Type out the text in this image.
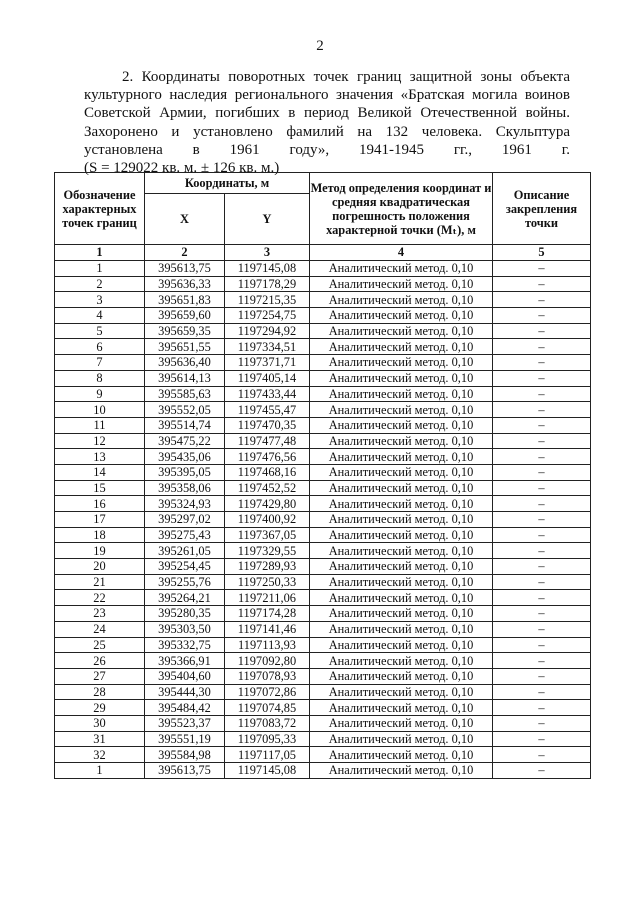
2

2. Координаты поворотных точек границ защитной зоны объекта

культурного наследия регионального значения «Братская могила воинов

Советской Армии, погибших в период Великой Отечественной войны.

Захоронено и установлено фамилий на 132 человека. Скульптура

установлена в 1961 году», 1941-1945 гг., 1961 г.

(S = 129022 кв. м. ± 126 кв. м.)

Обозначение характерных точек границ	Координаты, м		Метод определения координат и средняя квадратическая погрешность положения характерной точки (Mₜ), м	Описание закрепления точки
	X	Y		
1	2	3	4	5
1	395613,75	1197145,08	Аналитический метод. 0,10	–
2	395636,33	1197178,29	Аналитический метод. 0,10	–
3	395651,83	1197215,35	Аналитический метод. 0,10	–
4	395659,60	1197254,75	Аналитический метод. 0,10	–
5	395659,35	1197294,92	Аналитический метод. 0,10	–
6	395651,55	1197334,51	Аналитический метод. 0,10	–
7	395636,40	1197371,71	Аналитический метод. 0,10	–
8	395614,13	1197405,14	Аналитический метод. 0,10	–
9	395585,63	1197433,44	Аналитический метод. 0,10	–
10	395552,05	1197455,47	Аналитический метод. 0,10	–
11	395514,74	1197470,35	Аналитический метод. 0,10	–
12	395475,22	1197477,48	Аналитический метод. 0,10	–
13	395435,06	1197476,56	Аналитический метод. 0,10	–
14	395395,05	1197468,16	Аналитический метод. 0,10	–
15	395358,06	1197452,52	Аналитический метод. 0,10	–
16	395324,93	1197429,80	Аналитический метод. 0,10	–
17	395297,02	1197400,92	Аналитический метод. 0,10	–
18	395275,43	1197367,05	Аналитический метод. 0,10	–
19	395261,05	1197329,55	Аналитический метод. 0,10	–
20	395254,45	1197289,93	Аналитический метод. 0,10	–
21	395255,76	1197250,33	Аналитический метод. 0,10	–
22	395264,21	1197211,06	Аналитический метод. 0,10	–
23	395280,35	1197174,28	Аналитический метод. 0,10	–
24	395303,50	1197141,46	Аналитический метод. 0,10	–
25	395332,75	1197113,93	Аналитический метод. 0,10	–
26	395366,91	1197092,80	Аналитический метод. 0,10	–
27	395404,60	1197078,93	Аналитический метод. 0,10	–
28	395444,30	1197072,86	Аналитический метод. 0,10	–
29	395484,42	1197074,85	Аналитический метод. 0,10	–
30	395523,37	1197083,72	Аналитический метод. 0,10	–
31	395551,19	1197095,33	Аналитический метод. 0,10	–
32	395584,98	1197117,05	Аналитический метод. 0,10	–
1	395613,75	1197145,08	Аналитический метод. 0,10	–
